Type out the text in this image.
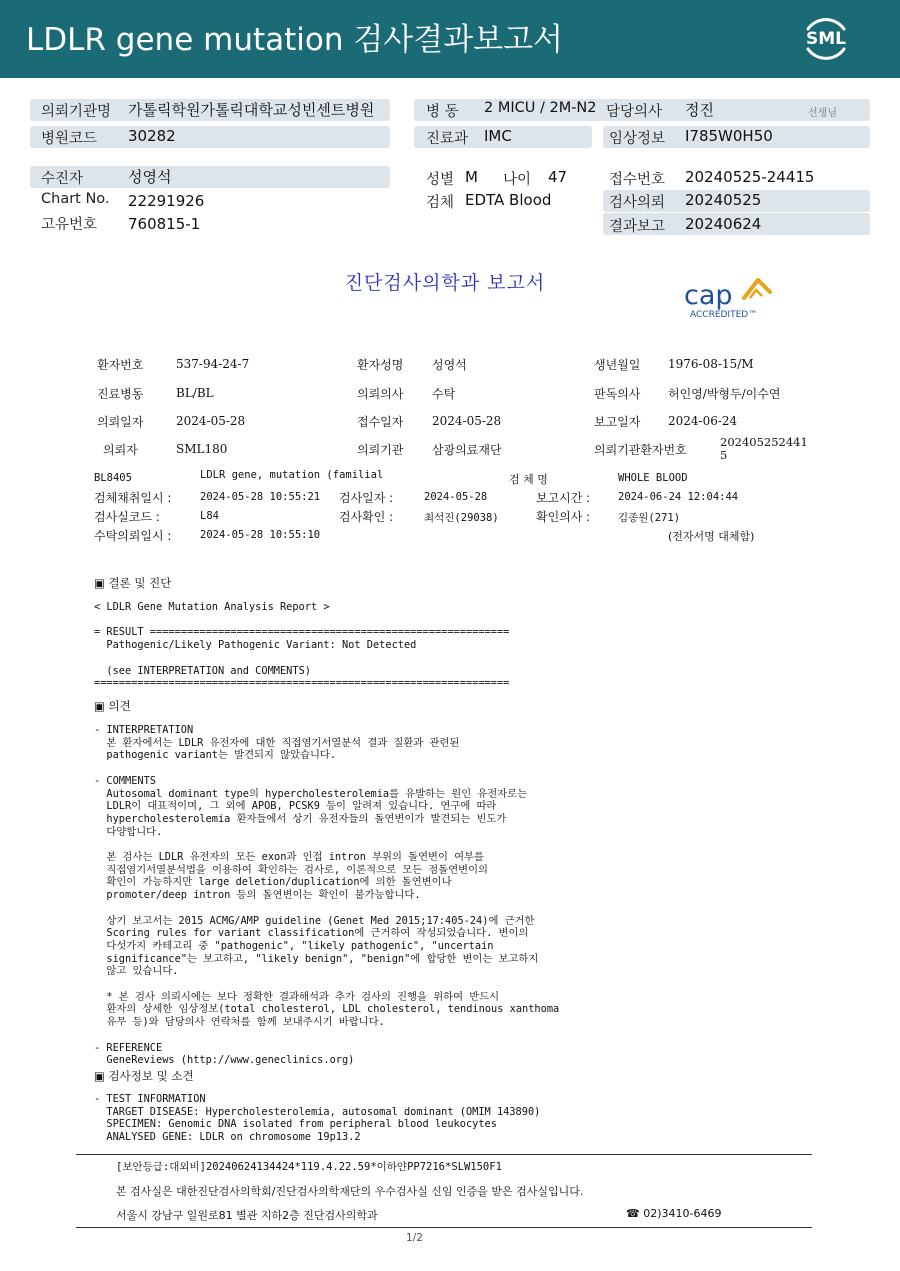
LDLR gene mutation 검사결과보고서	SML
의뢰기관명 가톨릭학원가톨릭대학교성빈센트병원	병 동 2 MICU / 2M-N2 담당의사 정진	선생님
병원코드 30282	진료과 IMC	임상정보 I785W0H50
수진자	성영석	성별 M 나이 47	접수번호 20240525-24415
Chart No. 22291926	검체 EDTA Blood	검사의뢰 20240525
고유번호 760815-1	결과보고 20240624
진단검사의학과 보고서	cap
ACCREDITED™
환자번호	537-94-24-7	환자성명 성영석	생년월일 1976-08-15/M
진료병동	BL/BL	의뢰의사 수탁	판독의사 허인영/박형두/이수연
의뢰일자	2024-05-28	접수일자 2024-05-28	보고일자 2024-06-24
의뢰자	SML180	의뢰기관 삼광의료재단	의뢰기관환자번호
202405252441
5
BL8405	LDLR gene, mutation (familial	검 체 명	WHOLE BLOOD
검체채취일시 :	2024-05-28 10:55:21 검사일자 :	2024-05-28	보고시간 :	2024-06-24 12:04:44
검사실코드 :	L84	검사확인 :	최석진(29038)	확인의사 :	김종원(271)
수탁의뢰일시 :	2024-05-28 10:55:10	(전자서명 대체함)
▣ 결론 및 진단
< LDLR Gene Mutation Analysis Report >

= RESULT ==========================================================
Pathogenic/Likely Pathogenic Variant: Not Detected

(see INTERPRETATION and COMMENTS)
===================================================================
▣ 의견
- INTERPRETATION
본 환자에서는 LDLR 유전자에 대한 직접염기서열분석 결과 질환과 관련된
pathogenic variant는 발견되지 않았습니다.

- COMMENTS
Autosomal dominant type의 hypercholesterolemia를 유발하는 원인 유전자로는
LDLR이 대표적이며, 그 외에 APOB, PCSK9 등이 알려져 있습니다. 연구에 따라
hypercholesterolemia 환자들에서 상기 유전자들의 돌연변이가 발견되는 빈도가
다양합니다.

본 검사는 LDLR 유전자의 모든 exon과 인접 intron 부위의 돌연변이 여부를
직접염기서열분석법을 이용하여 확인하는 검사로, 이론적으로 모든 점돌연변이의
확인이 가능하지만 large deletion/duplication에 의한 돌연변이나
promoter/deep intron 등의 돌연변이는 확인이 불가능합니다.

상기 보고서는 2015 ACMG/AMP guideline (Genet Med 2015;17:405-24)에 근거한
Scoring rules for variant classification에 근거하여 작성되었습니다. 변이의
다섯가지 카테고리 중 "pathogenic", "likely pathogenic", "uncertain
significance"는 보고하고, "likely benign", "benign"에 합당한 변이는 보고하지
않고 있습니다.

* 본 검사 의뢰시에는 보다 정확한 결과해석과 추가 검사의 진행을 위하여 반드시
환자의 상세한 임상정보(total cholesterol, LDL cholesterol, tendinous xanthoma
유무 등)와 담당의사 연락처를 함께 보내주시기 바랍니다.

- REFERENCE
GeneReviews (http://www.geneclinics.org)
▣ 검사정보 및 소견
- TEST INFORMATION
TARGET DISEASE: Hypercholesterolemia, autosomal dominant (OMIM 143890)
SPECIMEN: Genomic DNA isolated from peripheral blood leukocytes
ANALYSED GENE: LDLR on chromosome 19p13.2
[보안등급:대외비]20240624134424*119.4.22.59*이하얀PP7216*SLW150F1
본 검사실은 대한진단검사의학회/진단검사의학재단의 우수검사실 신임 인증을 받은 검사실입니다.
서울시 강남구 일원로81 별관 지하2층 진단검사의학과	☎ 02)3410-6469
1/2
